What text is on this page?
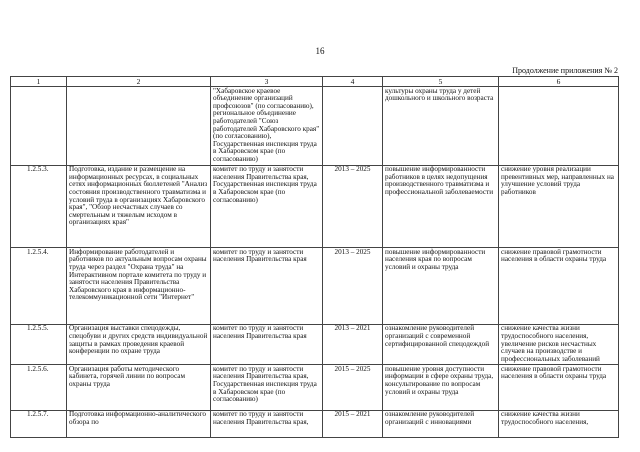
16
Продолжение приложения № 2
1	2	3	4	5	6
		"Хабаровское краевое объединение организаций профсоюзов" (по согласованию), региональное объединение работодателей "Союз работодателей Хабаровского края" (по согласованию), Государственная инспекция труда в Хабаровском крае (по согласованию)		культуры охраны труда у детей дошкольного и школьного возраста	
1.2.5.3.	Подготовка, издание и размещение на информационных ресурсах, в социальных сетях информационных бюллетеней "Анализ состояния производственного травматизма и условий труда в организациях Хабаровского края", "Обзор несчастных случаев со смертельным и тяжелым исходом в организациях края"	комитет по труду и занятости населения Правительства края, Государственная инспекция труда в Хабаровском крае (по согласованию)	2013 – 2025	повышение информированности работников в целях недопущения производственного травматизма и профессиональной заболеваемости	снижение уровня реализации превентивных мер, направленных на улучшение условий труда работников
1.2.5.4.	Информирование работодателей и работников по актуальным вопросам охраны труда через раздел "Охрана труда" на Интерактивном портале комитета по труду и занятости населения Правительства Хабаровского края в информационно-телекоммуникационной сети "Интернет"	комитет по труду и занятости населения Правительства края	2013 – 2025	повышение информированности населения края по вопросам условий и охраны труда	снижение правовой грамотности населения в области охраны труда
1.2.5.5.	Организация выставки спецодежды, спецобуви и других средств индивидуальной защиты в рамках проведения краевой конференции по охране труда	комитет по труду и занятости населения Правительства края	2013 – 2021	ознакомление руководителей организаций с современной сертифицированной спецодеждой	снижение качества жизни трудоспособного населения, увеличение рисков несчастных случаев на производстве и профессиональных заболеваний
1.2.5.6.	Организация работы методического кабинета, горячей линии по вопросам охраны труда	комитет по труду и занятости населения Правительства края, Государственная инспекция труда в Хабаровском крае (по согласованию)	2015 – 2025	повышение уровня доступности информации в сфере охраны труда, консультирование по вопросам условий и охраны труда	снижение правовой грамотности населения в области охраны труда
1.2.5.7.	Подготовка информационно-аналитического обзора по	комитет по труду и занятости населения Правительства края,	2015 – 2021	ознакомление руководителей организаций с инновациями	снижение качества жизни трудоспособного населения,
